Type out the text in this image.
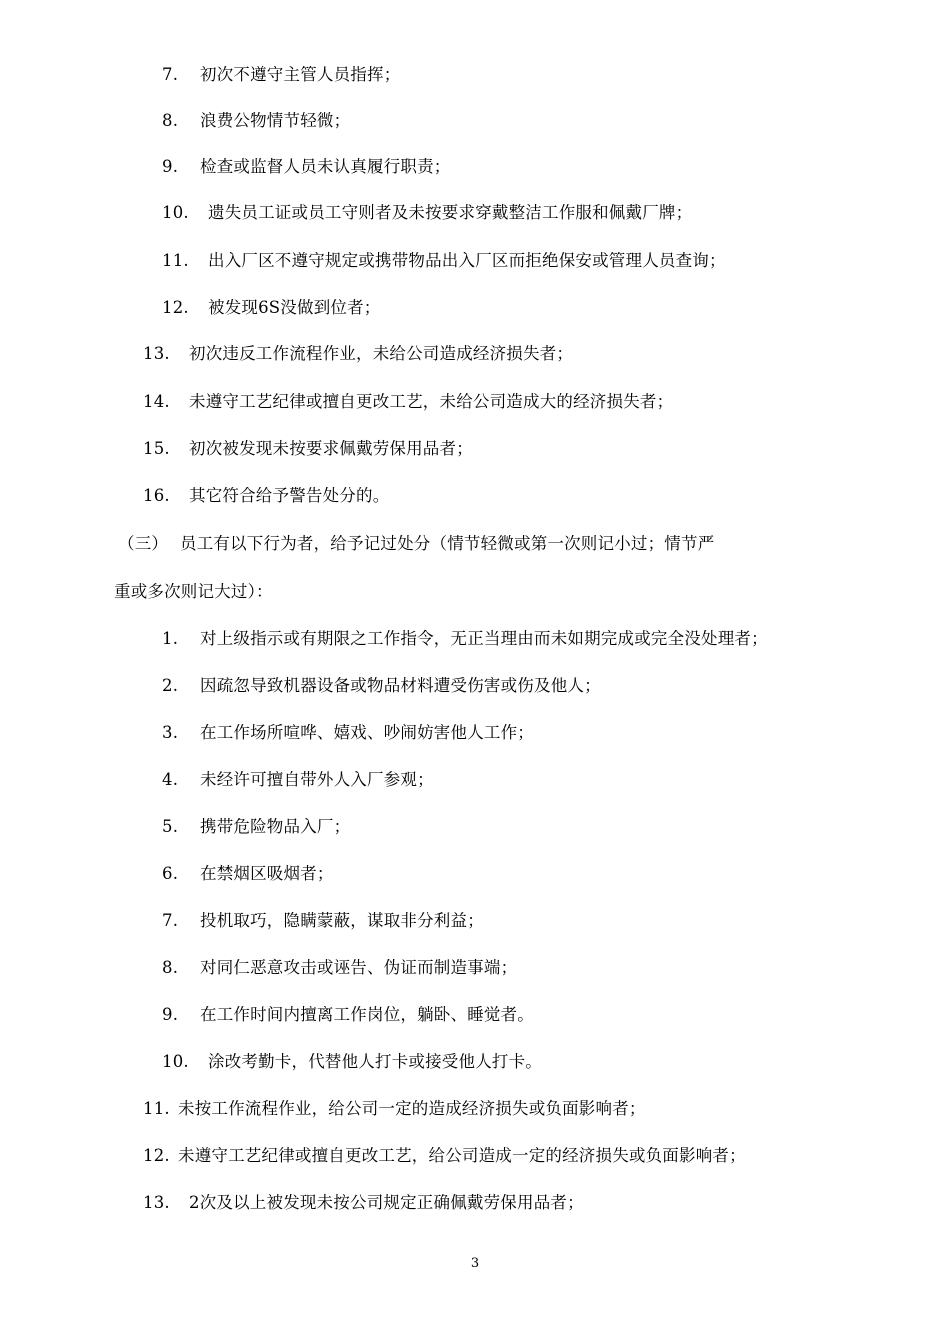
7. 初次不遵守主管人员指挥；
8. 浪费公物情节轻微；
9. 检查或监督人员未认真履行职责；
10. 遗失员工证或员工守则者及未按要求穿戴整洁工作服和佩戴厂牌；
11. 出入厂区不遵守规定或携带物品出入厂区而拒绝保安或管理人员查询；
12. 被发现6S没做到位者；
13. 初次违反工作流程作业，未给公司造成经济损失者；
14. 未遵守工艺纪律或擅自更改工艺，未给公司造成大的经济损失者；
15. 初次被发现未按要求佩戴劳保用品者；
16. 其它符合给予警告处分的。
（三） 员工有以下行为者，给予记过处分（情节轻微或第一次则记小过；情节严
重或多次则记大过）：
1. 对上级指示或有期限之工作指令，无正当理由而未如期完成或完全没处理者；
2. 因疏忽导致机器设备或物品材料遭受伤害或伤及他人；
3. 在工作场所喧哗、嬉戏、吵闹妨害他人工作；
4. 未经许可擅自带外人入厂参观；
5. 携带危险物品入厂；
6. 在禁烟区吸烟者；
7. 投机取巧，隐瞒蒙蔽，谋取非分利益；
8. 对同仁恶意攻击或诬告、伪证而制造事端；
9. 在工作时间内擅离工作岗位，躺卧、睡觉者。
10. 涂改考勤卡，代替他人打卡或接受他人打卡。
11. 未按工作流程作业，给公司一定的造成经济损失或负面影响者；
12. 未遵守工艺纪律或擅自更改工艺，给公司造成一定的经济损失或负面影响者；
13. 2次及以上被发现未按公司规定正确佩戴劳保用品者；
3
